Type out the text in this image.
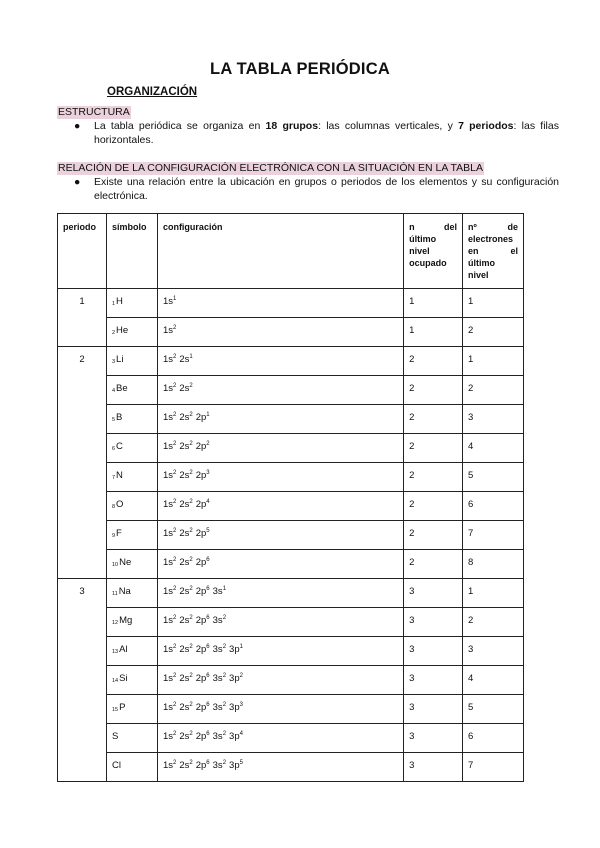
LA TABLA PERIÓDICA
ORGANIZACIÓN
ESTRUCTURA
● La tabla periódica se organiza en 18 grupos: las columnas verticales, y 7 periodos: las filas horizontales.
RELACIÓN DE LA CONFIGURACIÓN ELECTRÓNICA CON LA SITUACIÓN EN LA TABLA
● Existe una relación entre la ubicación en grupos o periodos de los elementos y su configuración electrónica.
periodo	símbolo	configuración	n del último nivel ocupado	nº de electrones en el último nivel
1	1H	$1s^1$	1	1
	2He	$1s^2$	1	2
2	3Li	$1s^2$ $2s^1$	2	1
	4Be	$1s^2$ $2s^2$	2	2
	5B	$1s^2$ $2s^2$ $2p^1$	2	3
	6C	$1s^2$ $2s^2$ $2p^2$	2	4
	7N	$1s^2$ $2s^2$ $2p^3$	2	5
	8O	$1s^2$ $2s^2$ $2p^4$	2	6
	9F	$1s^2$ $2s^2$ $2p^5$	2	7
	10Ne	$1s^2$ $2s^2$ $2p^6$	2	8
3	11Na	$1s^2$ $2s^2$ $2p^6$ $3s^1$	3	1
	12Mg	$1s^2$ $2s^2$ $2p^6$ $3s^2$	3	2
	13Al	$1s^2$ $2s^2$ $2p^6$ $3s^2$ $3p^1$	3	3
	14Si	$1s^2$ $2s^2$ $2p^6$ $3s^2$ $3p^2$	3	4
	15P	$1s^2$ $2s^2$ $2p^6$ $3s^2$ $3p^3$	3	5
	S	$1s^2$ $2s^2$ $2p^6$ $3s^2$ $3p^4$	3	6
	Cl	$1s^2$ $2s^2$ $2p^6$ $3s^2$ $3p^5$	3	7
